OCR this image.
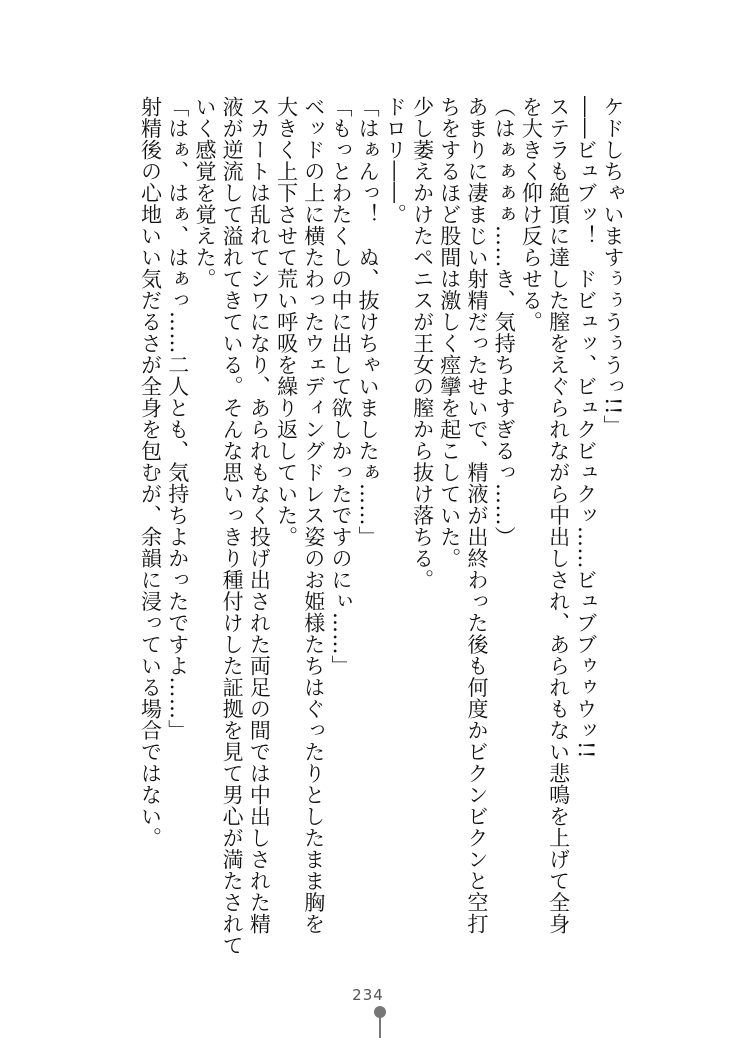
ケドしちゃいますぅぅうぅうっ!!」
――ビュブッ！　ドビュッ、ビュクビュクッ……ビュブブゥゥウッ!!
ステラも絶頂に達した膣をえぐられながら中出しされ、あられもない悲鳴を上げて全身
を大きく仰け反らせる。
（はぁぁぁぁ……き、気持ちよすぎるっ……）
あまりに凄まじい射精だったせいで、精液が出終わった後も何度かビクンビクンと空打
ちをするほど股間は激しく痙攣を起こしていた。
少し萎えかけたペニスが王女の膣から抜け落ちる。
ドロリ――。
「はぁんっ！　ぬ、抜けちゃいましたぁ……」
「もっとわたくしの中に出して欲しかったですのにぃ……」
ベッドの上に横たわったウェディングドレス姿のお姫様たちはぐったりとしたまま胸を
大きく上下させて荒い呼吸を繰り返していた。
スカートは乱れてシワになり、あられもなく投げ出された両足の間では中出しされた精
液が逆流して溢れてきている。そんな思いっきり種付けした証拠を見て男心が満たされて
いく感覚を覚えた。
「はぁ、はぁ、はぁっ……二人とも、気持ちよかったですよ……」
射精後の心地いい気だるさが全身を包むが、余韻に浸っている場合ではない。
234
